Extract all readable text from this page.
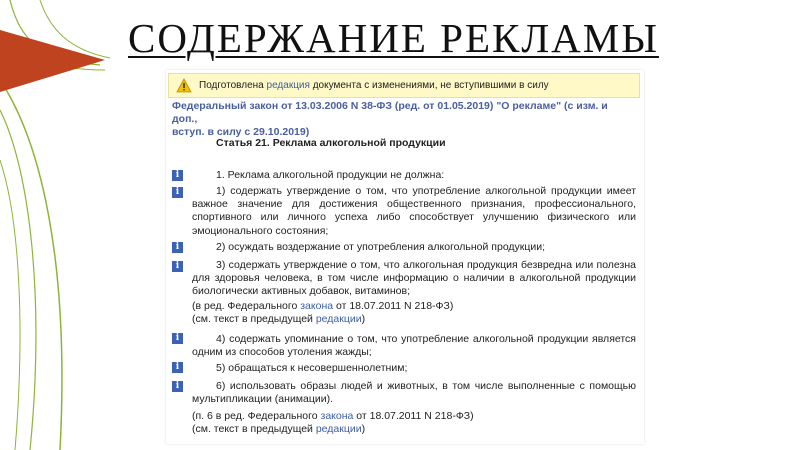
СОДЕРЖАНИЕ РЕКЛАМЫ
Подготовлена редакция документа с изменениями, не вступившими в силу
Федеральный закон от 13.03.2006 N 38-ФЗ (ред. от 01.05.2019) "О рекламе" (с изм. и доп.,
вступ. в силу с 29.10.2019)
Статья 21. Реклама алкогольной продукции
i	1. Реклама алкогольной продукции не должна:
i	1) содержать утверждение о том, что употребление алкогольной продукции имеет
важное значение для достижения общественного признания, профессионального,
спортивного или личного успеха либо способствует улучшению физического или
эмоционального состояния;
i	2) осуждать воздержание от употребления алкогольной продукции;
i	3) содержать утверждение о том, что алкогольная продукция безвредна или полезна
для здоровья человека, в том числе информацию о наличии в алкогольной продукции
биологически активных добавок, витаминов;
(в ред. Федерального закона от 18.07.2011 N 218-ФЗ)
(см. текст в предыдущей редакции)
i	4) содержать упоминание о том, что употребление алкогольной продукции является
одним из способов утоления жажды;
i	5) обращаться к несовершеннолетним;
i	6) использовать образы людей и животных, в том числе выполненные с помощью
мультипликации (анимации).
(п. 6 в ред. Федерального закона от 18.07.2011 N 218-ФЗ)
(см. текст в предыдущей редакции)
